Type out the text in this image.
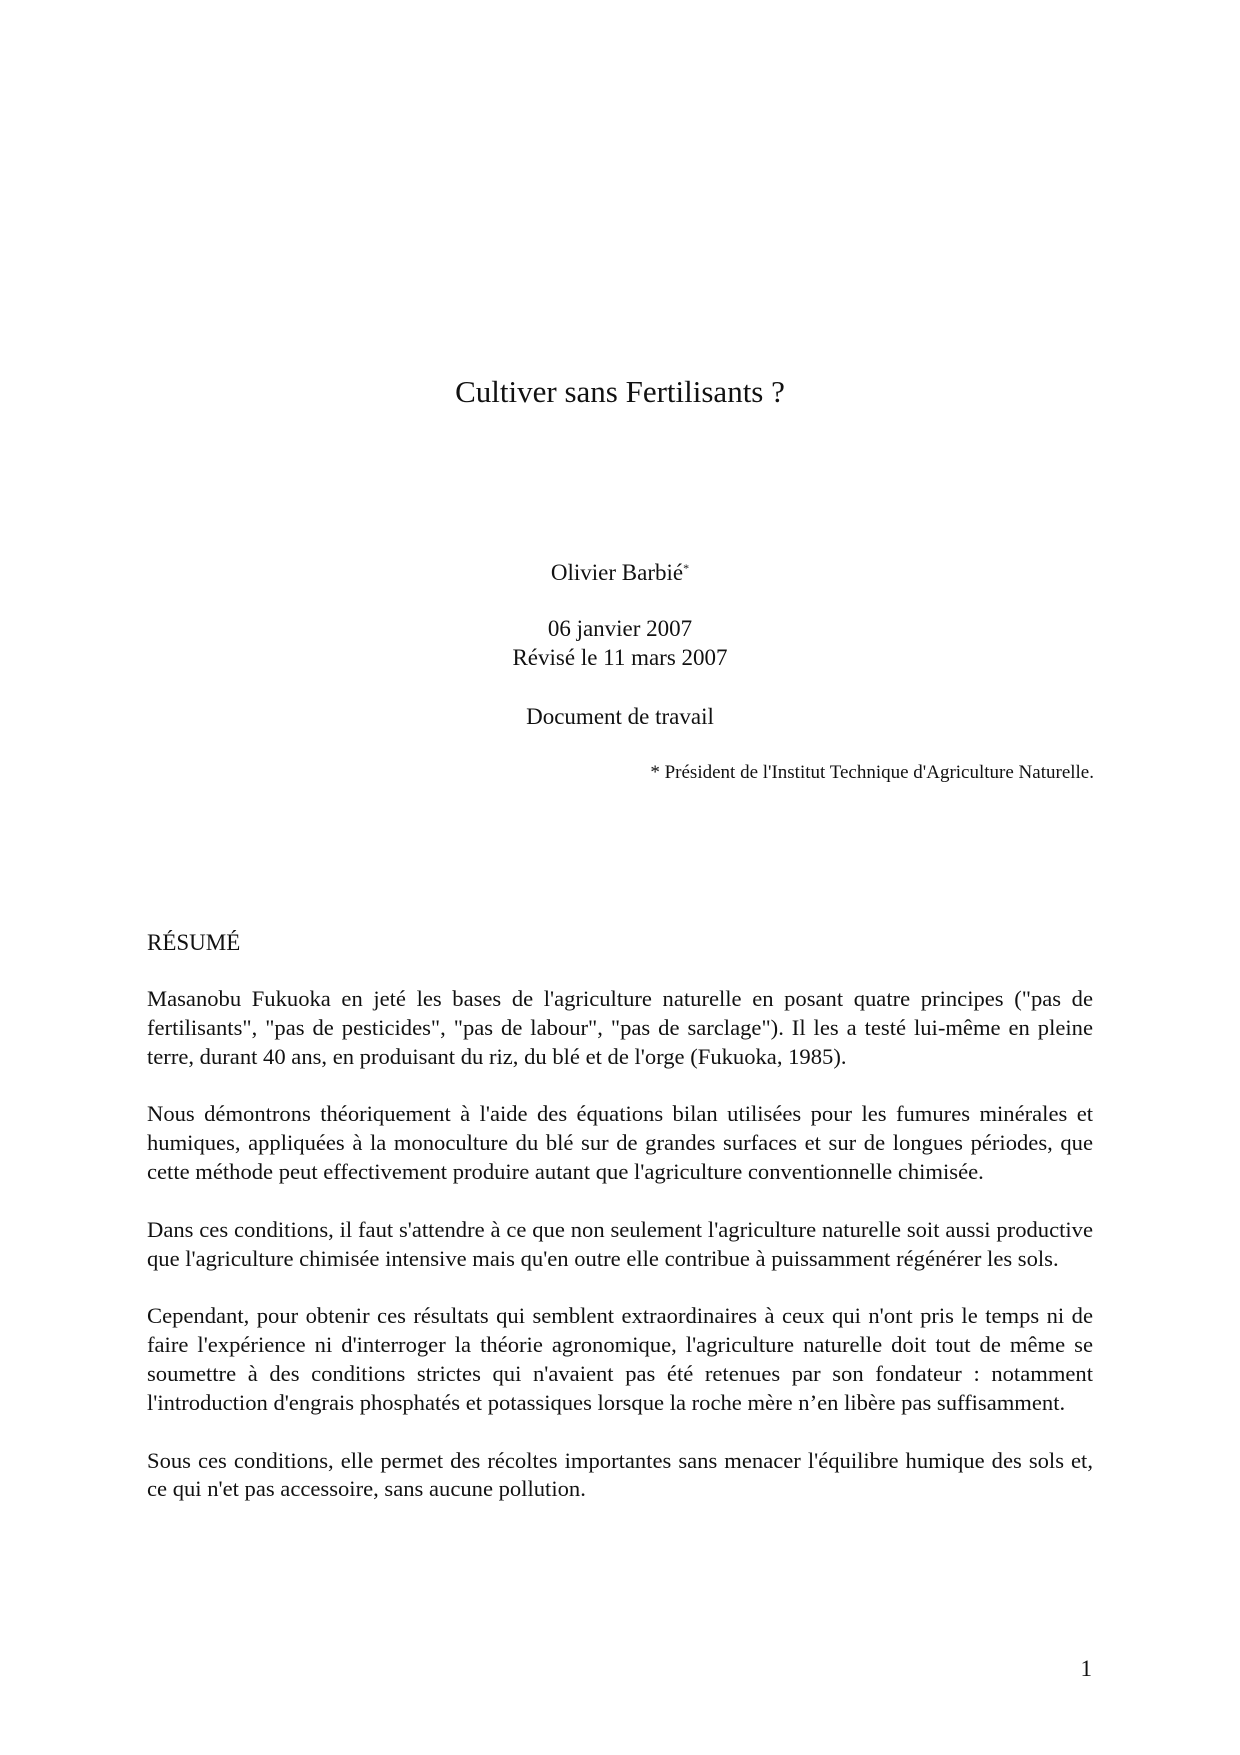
Cultiver sans Fertilisants ?
Olivier Barbié*
06 janvier 2007
Révisé le 11 mars 2007
Document de travail
* Président de l'Institut Technique d'Agriculture Naturelle.
RÉSUMÉ

Masanobu Fukuoka en jeté les bases de l'agriculture naturelle en posant quatre principes ("pas de fertilisants", "pas de pesticides", "pas de labour", "pas de sarclage"). Il les a testé lui-même en pleine terre, durant 40 ans, en produisant du riz, du blé et de l'orge (Fukuoka, 1985).

Nous démontrons théoriquement à l'aide des équations bilan utilisées pour les fumures minérales et humiques, appliquées à la monoculture du blé sur de grandes surfaces et sur de longues périodes, que cette méthode peut effectivement produire autant que l'agriculture conventionnelle chimisée.

Dans ces conditions, il faut s'attendre à ce que non seulement l'agriculture naturelle soit aussi productive que l'agriculture chimisée intensive mais qu'en outre elle contribue à puissamment régénérer les sols.

Cependant, pour obtenir ces résultats qui semblent extraordinaires à ceux qui n'ont pris le temps ni de faire l'expérience ni d'interroger la théorie agronomique, l'agriculture naturelle doit tout de même se soumettre à des conditions strictes qui n'avaient pas été retenues par son fondateur : notamment l'introduction d'engrais phosphatés et potassiques lorsque la roche mère n’en libère pas suffisamment.

Sous ces conditions, elle permet des récoltes importantes sans menacer l'équilibre humique des sols et, ce qui n'et pas accessoire, sans aucune pollution.

1
